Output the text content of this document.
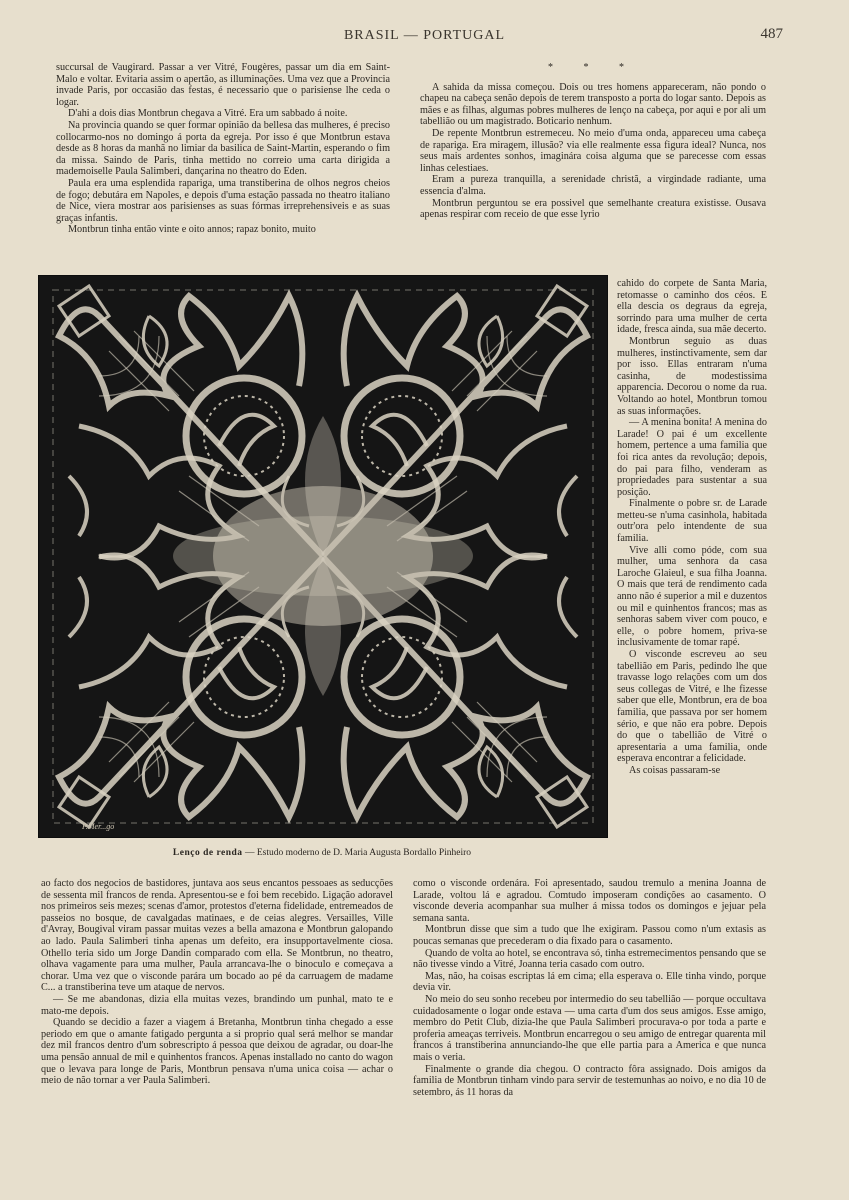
BRASIL — PORTUGAL	487

succursal de Vaugirard. Passar a ver Vitré, Fougères, passar um dia em Saint-Malo e voltar. Evitaria assim o apertão, as illuminações. Uma vez que a Provincia invade Paris, por occasião das festas, é necessario que o parisiense lhe ceda o logar.

D'ahi a dois dias Montbrun chegava a Vitré. Era um sabbado á noite.

Na provincia quando se quer formar opinião da bellesa das mulheres, é preciso collocarmo-nos no domingo á porta da egreja. Por isso é que Montbrun estava desde as 8 horas da manhã no limiar da basilica de Saint-Martin, esperando o fim da missa. Saindo de Paris, tinha mettido no correio uma carta dirigida a mademoiselle Paula Salimberi, dançarina no theatro do Eden.

Paula era uma esplendida rapariga, uma transtiberina de olhos negros cheios de fogo; debutára em Napoles, e depois d'uma estação passada no theatro italiano de Nice, viera mostrar aos parisienses as suas fórmas irreprehensiveis e as suas graças infantis.

Montbrun tinha então vinte e oito annos; rapaz bonito, muito

* * *

A sahida da missa começou. Dois ou tres homens appareceram, não pondo o chapeu na cabeça senão depois de terem transposto a porta do logar santo. Depois as mães e as filhas, algumas pobres mulheres de lenço na cabeça, por aqui e por ali um tabellião ou um magistrado. Boticario nenhum.

De repente Montbrun estremeceu. No meio d'uma onda, appareceu uma cabeça de rapariga. Era miragem, illusão? via elle realmente essa figura ideal? Nunca, nos seus mais ardentes sonhos, imaginára coisa alguma que se parecesse com essas linhas celestiaes.

Eram a pureza tranquilla, a serenidade christã, a virgindade radiante, uma essencia d'alma.

Montbrun perguntou se era possivel que semelhante creatura existisse. Ousava apenas respirar com receio de que esse lyrio

P.Mer...go
Lenço de renda — Estudo moderno de D. Maria Augusta Bordallo Pinheiro

cahido do corpete de Santa Maria, retomasse o caminho dos céos. E ella descia os degraus da egreja, sorrindo para uma mulher de certa idade, fresca ainda, sua mãe decerto.

Montbrun seguio as duas mulheres, instinctivamente, sem dar por isso. Ellas entraram n'uma casinha, de modestissima apparencia. Decorou o nome da rua. Voltando ao hotel, Montbrun tomou as suas informações.

— A menina bonita! A menina do Larade! O pai é um excellente homem, pertence a uma familia que foi rica antes da revolução; depois, do pai para filho, venderam as propriedades para sustentar a sua posição.

Finalmente o pobre sr. de Larade metteu-se n'uma casinhola, habitada outr'ora pelo intendente de sua familia.

Vive alli como póde, com sua mulher, uma senhora da casa Laroche Glaieul, e sua filha Joanna. O mais que terá de rendimento cada anno não é superior a mil e duzentos ou mil e quinhentos francos; mas as senhoras sabem viver com pouco, e elle, o pobre homem, priva-se inclusivamente de tomar rapé.

O visconde escreveu ao seu tabellião em Paris, pedindo lhe que travasse logo relações com um dos seus collegas de Vitré, e lhe fizesse saber que elle, Montbrun, era de boa familia, que passava por ser homem sério, e que não era pobre. Depois do que o tabellião de Vitré o apresentaria a uma familia, onde esperava encontrar a felicidade.

As coisas passaram-se

ao facto dos negocios de bastidores, juntava aos seus encantos pessoaes as seducções de sessenta mil francos de renda. Apresentou-se e foi bem recebido. Ligação adoravel nos primeiros seis mezes; scenas d'amor, protestos d'eterna fidelidade, entremeados de passeios no bosque, de cavalgadas matinaes, e de ceias alegres. Versailles, Ville d'Avray, Bougival viram passar muitas vezes a bella amazona e Montbrun galopando ao lado. Paula Salimberi tinha apenas um defeito, era insupportavelmente ciosa. Othello teria sido um Jorge Dandin comparado com ella. Se Montbrun, no theatro, olhava vagamente para uma mulher, Paula arrancava-lhe o binoculo e começava a chorar. Uma vez que o visconde parára um bocado ao pé da carruagem de madame C... a transtiberina teve um ataque de nervos.

— Se me abandonas, dizia ella muitas vezes, brandindo um punhal, mato te e mato-me depois.

Quando se decidio a fazer a viagem á Bretanha, Montbrun tinha chegado a esse periodo em que o amante fatigado pergunta a si proprio qual será melhor se mandar dez mil francos dentro d'um sobrescripto á pessoa que deixou de agradar, ou doar-lhe uma pensão annual de mil e quinhentos francos. Apenas installado no canto do wagon que o levava para longe de Paris, Montbrun pensava n'uma unica coisa — achar o meio de não tornar a ver Paula Salimberi.

como o visconde ordenára. Foi apresentado, saudou tremulo a menina Joanna de Larade, voltou lá e agradou. Comtudo imposeram condições ao casamento. O visconde deveria acompanhar sua mulher á missa todos os domingos e jejuar pela semana santa.

Montbrun disse que sim a tudo que lhe exigiram. Passou como n'um extasis as poucas semanas que precederam o dia fixado para o casamento.

Quando de volta ao hotel, se encontrava só, tinha estremecimentos pensando que se não tivesse vindo a Vitré, Joanna teria casado com outro.

Mas, não, ha coisas escriptas lá em cima; ella esperava o. Elle tinha vindo, porque devia vir.

No meio do seu sonho recebeu por intermedio do seu tabellião — porque occultava cuidadosamente o logar onde estava — uma carta d'um dos seus amigos. Esse amigo, membro do Petit Club, dizia-lhe que Paula Salimberi procurava-o por toda a parte e proferia ameaças terriveis. Montbrun encarregou o seu amigo de entregar quarenta mil francos á transtiberina annunciando-lhe que elle partia para a America e que nunca mais o veria.

Finalmente o grande dia chegou. O contracto fôra assignado. Dois amigos da familia de Montbrun tinham vindo para servir de testemunhas ao noivo, e no dia 10 de setembro, ás 11 horas da
